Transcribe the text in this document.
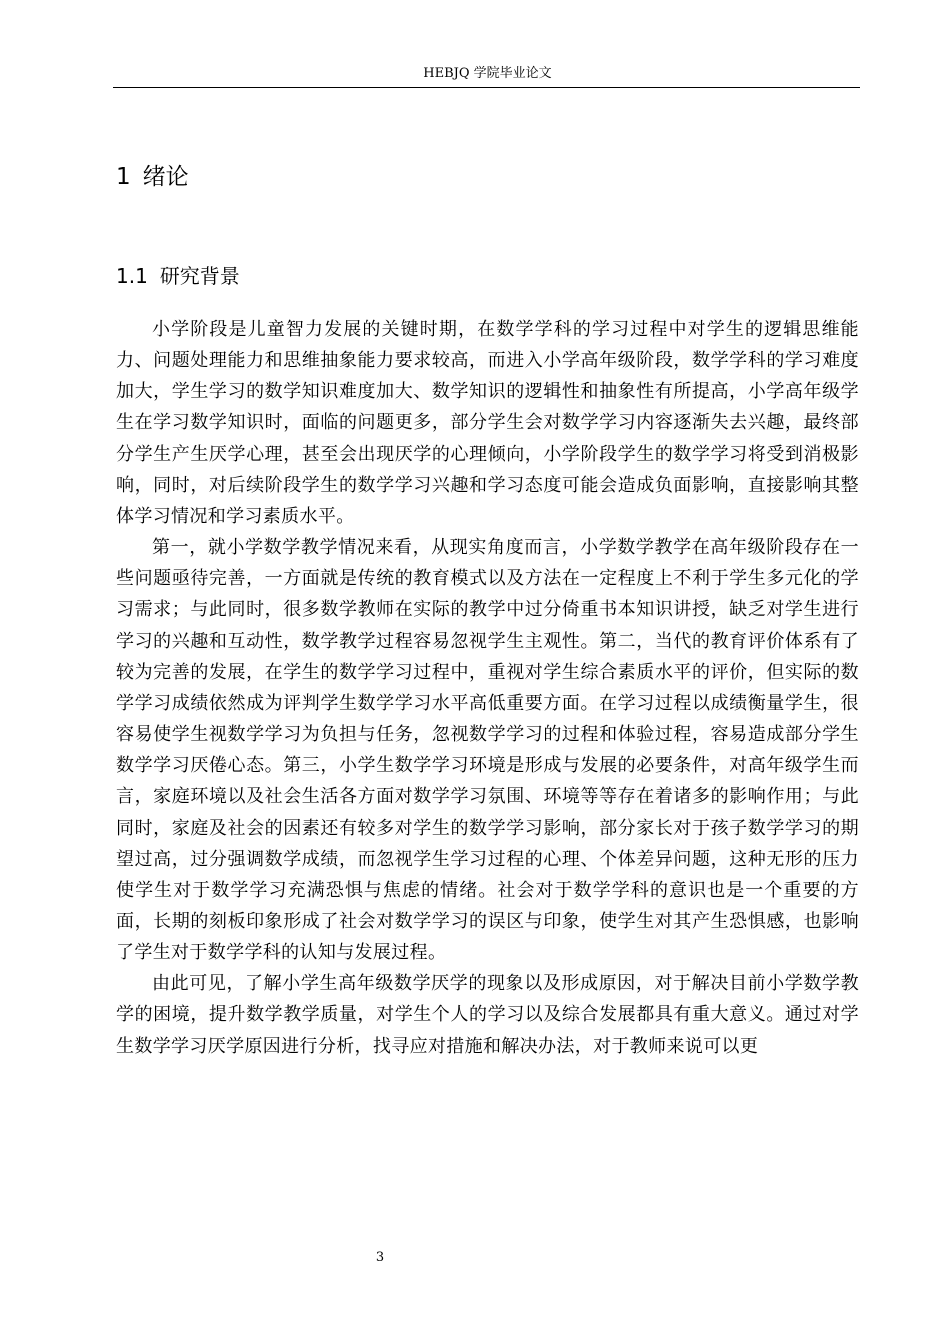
HEBJQ 学院毕业论文
1 绪论
1.1 研究背景

小学阶段是儿童智力发展的关键时期，在数学学科的学习过程中对学生的逻辑思维能力、问题处理能力和思维抽象能力要求较高，而进入小学高年级阶段，数学学科的学习难度加大，学生学习的数学知识难度加大、数学知识的逻辑性和抽象性有所提高，小学高年级学生在学习数学知识时，面临的问题更多，部分学生会对数学学习内容逐渐失去兴趣，最终部分学生产生厌学心理，甚至会出现厌学的心理倾向，小学阶段学生的数学学习将受到消极影响，同时，对后续阶段学生的数学学习兴趣和学习态度可能会造成负面影响，直接影响其整体学习情况和学习素质水平。

第一，就小学数学教学情况来看，从现实角度而言，小学数学教学在高年级阶段存在一些问题亟待完善，一方面就是传统的教育模式以及方法在一定程度上不利于学生多元化的学习需求；与此同时，很多数学教师在实际的教学中过分倚重书本知识讲授，缺乏对学生进行学习的兴趣和互动性，数学教学过程容易忽视学生主观性。第二，当代的教育评价体系有了较为完善的发展，在学生的数学学习过程中，重视对学生综合素质水平的评价，但实际的数学学习成绩依然成为评判学生数学学习水平高低重要方面。在学习过程以成绩衡量学生，很容易使学生视数学学习为负担与任务，忽视数学学习的过程和体验过程，容易造成部分学生数学学习厌倦心态。第三，小学生数学学习环境是形成与发展的必要条件，对高年级学生而言，家庭环境以及社会生活各方面对数学学习氛围、环境等等存在着诸多的影响作用；与此同时，家庭及社会的因素还有较多对学生的数学学习影响，部分家长对于孩子数学学习的期望过高，过分强调数学成绩，而忽视学生学习过程的心理、个体差异问题，这种无形的压力使学生对于数学学习充满恐惧与焦虑的情绪。社会对于数学学科的意识也是一个重要的方面，长期的刻板印象形成了社会对数学学习的误区与印象，使学生对其产生恐惧感，也影响了学生对于数学学科的认知与发展过程。

由此可见，了解小学生高年级数学厌学的现象以及形成原因，对于解决目前小学数学教学的困境，提升数学教学质量，对学生个人的学习以及综合发展都具有重大意义。通过对学生数学学习厌学原因进行分析，找寻应对措施和解决办法，对于教师来说可以更

3
